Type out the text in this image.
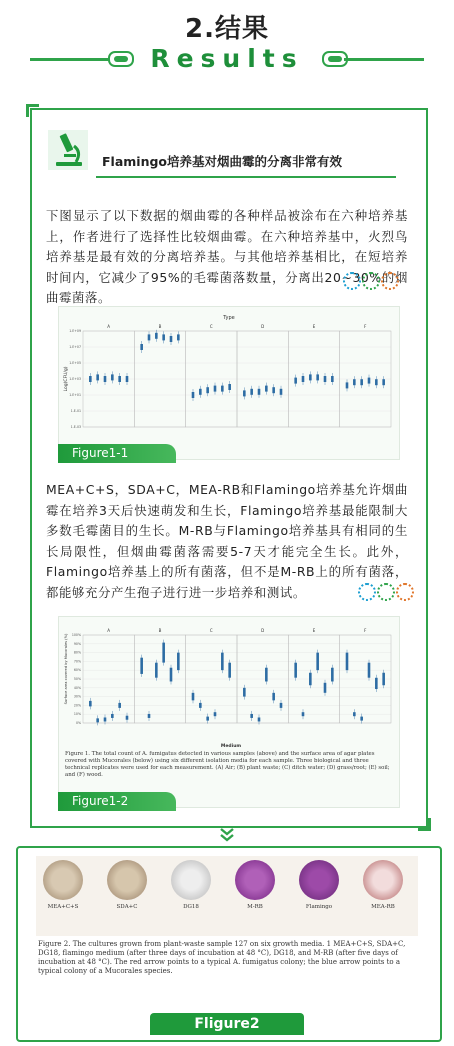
2.结果
Results
Flamingo培养基对烟曲霉的分离非常有效
下图显示了以下数据的烟曲霉的各种样品被涂布在六种培养基上，作者进行了选择性比较烟曲霉。在六种培养基中，火烈鸟培养基是最有效的分离培养基。与其他培养基相比，在短培养时间内，它减少了95%的毛霉菌落数量，分离出20~30%的烟曲霉菌落。
Type
Log(CFU/g)
1.E+09
1.E+07
1.E+05
1.E+03
1.E+01
1.E-01
1.E-03
A	B	C	D	E	F
Figure1-1
MEA+C+S，SDA+C，MEA-RB和Flamingo培养基允许烟曲霉在培养3天后快速萌发和生长，Flamingo培养基最能限制大多数毛霉菌目的生长。M-RB与Flamingo培养基具有相同的生长局限性，但烟曲霉菌落需要5-7天才能完全生长。此外，Flamingo培养基上的所有菌落，但不是M-RB上的所有菌落，都能够充分产生孢子进行进一步培养和测试。
Surface area covered by Mucorales (%)
Medium
100%
90%
80%
70%
60%
50%
40%
30%
20%
10%
0%
A	B	C	D	E	F
Figure 1. The total count of A. fumigatus detected in various samples (above) and the surface area of agar plates covered with Mucorales (below) using six different isolation media for each sample. Three biological and three technical replicates were used for each measurement. (A) Air; (B) plant waste; (C) ditch water; (D) grass/root; (E) soil; and (F) wood.
Figure1-2
MEA+C+S	SDA+C	DG18	M-RB	Flamingo	MEA-RB
Figure 2. The cultures grown from plant-waste sample 127 on six growth media. 1 MEA+C+S, SDA+C, DG18, flamingo medium (after three days of incubation at 48 °C), DG18, and M-RB (after five days of incubation at 48 °C). The red arrow points to a typical A. fumigatus colony; the blue arrow points to a typical colony of a Mucorales species.
Fligure2
